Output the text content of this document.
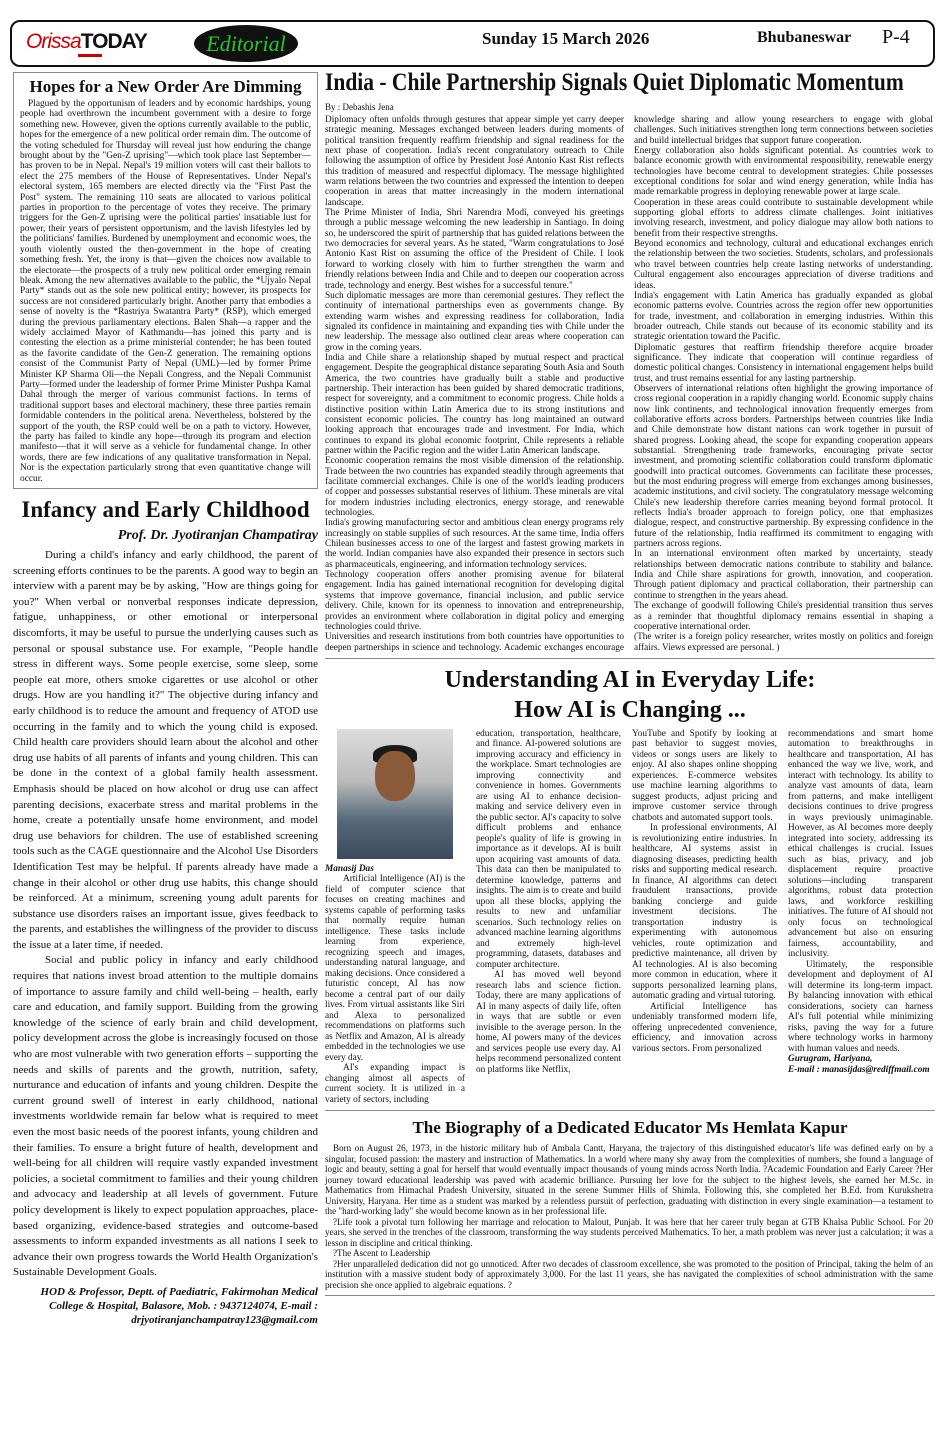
OrissaTODAY	Editorial	Sunday 15 March 2026	Bhubaneswar P-4
Hopes for a New Order Are Dimming

Plagued by the opportunism of leaders and by economic hardships, young people had overthrown the incumbent government with a desire to forge something new. However, given the options currently available to the public, hopes for the emergence of a new political order remain dim. The outcome of the voting scheduled for Thursday will reveal just how enduring the change brought about by the "Gen-Z uprising"—which took place last September—has proven to be in Nepal. Nepal's 19 million voters will cast their ballots to elect the 275 members of the House of Representatives. Under Nepal's electoral system, 165 members are elected directly via the "First Past the Post" system. The remaining 110 seats are allocated to various political parties in proportion to the percentage of votes they receive. The primary triggers for the Gen-Z uprising were the political parties' insatiable lust for power, their years of persistent opportunism, and the lavish lifestyles led by the politicians' families. Burdened by unemployment and economic woes, the youth violently ousted the then-government in the hope of creating something fresh. Yet, the irony is that—given the choices now available to the electorate—the prospects of a truly new political order emerging remain bleak. Among the new alternatives available to the public, the *Ujyalo Nepal Party* stands out as the sole new political entity; however, its prospects for success are not considered particularly bright. Another party that embodies a sense of novelty is the *Rastriya Swatantra Party* (RSP), which emerged during the previous parliamentary elections. Balen Shah—a rapper and the widely acclaimed Mayor of Kathmandu—has joined this party and is contesting the election as a prime ministerial contender; he has been touted as the favorite candidate of the Gen-Z generation. The remaining options consist of the Communist Party of Nepal (UML)—led by former Prime Minister KP Sharma Oli—the Nepali Congress, and the Nepali Communist Party—formed under the leadership of former Prime Minister Pushpa Kamal Dahal through the merger of various communist factions. In terms of traditional support bases and electoral machinery, these three parties remain formidable contenders in the political arena. Nevertheless, bolstered by the support of the youth, the RSP could well be on a path to victory. However, the party has failed to kindle any hope—through its program and election manifesto—that it will serve as a vehicle for fundamental change. In other words, there are few indications of any qualitative transformation in Nepal. Nor is the expectation particularly strong that even quantitative change will occur.

Infancy and Early Childhood
Prof. Dr. Jyotiranjan Champatiray

During a child's infancy and early childhood, the parent of screening efforts continues to be the parents. A good way to begin an interview with a parent may be by asking, "How are things going for you?" When verbal or nonverbal responses indicate depression, fatigue, unhappiness, or other emotional or interpersonal discomforts, it may be useful to pursue the underlying causes such as personal or spousal substance use. For example, "People handle stress in different ways. Some people exercise, some sleep, some people eat more, others smoke cigarettes or use alcohol or other drugs. How are you handling it?" The objective during infancy and early childhood is to reduce the amount and frequency of ATOD use occurring in the family and to which the young child is exposed. Child health care providers should learn about the alcohol and other drug use habits of all parents of infants and young children. This can be done in the context of a global family health assessment. Emphasis should be placed on how alcohol or drug use can affect parenting decisions, exacerbate stress and marital problems in the home, create a potentially unsafe home environment, and model drug use behaviors for children. The use of established screening tools such as the CAGE questionnaire and the Alcohol Use Disorders Identification Test may be helpful. If parents already have made a change in their alcohol or other drug use habits, this change should be reinforced. At a minimum, screening young adult parents for substance use disorders raises an important issue, gives feedback to the parents, and establishes the willingness of the provider to discuss the issue at a later time, if needed.

Social and public policy in infancy and early childhood requires that nations invest broad attention to the multiple domains of importance to assure family and child well-being – health, early care and education, and family support. Building from the growing knowledge of the science of early brain and child development, policy development across the globe is increasingly focused on those who are most vulnerable with two generation efforts – supporting the needs and skills of parents and the growth, nutrition, safety, nurturance and education of infants and young children. Despite the current ground swell of interest in early childhood, national investments worldwide remain far below what is required to meet even the most basic needs of the poorest infants, young children and their families. To ensure a bright future of health, development and well-being for all children will require vastly expanded investment policies, a societal commitment to families and their young children and advocacy and leadership at all levels of government. Future policy development is likely to expect population approaches, place-based organizing, evidence-based strategies and outcome-based assessments to inform expanded investments as all nations I seek to advance their own progress towards the World Health Organization's Sustainable Development Goals.

HOD & Professor, Deptt. of Paediatric, Fakirmohan Medical College & Hospital, Balasore, Mob. : 9437124074, E-mail : drjyotiranjanchampatray123@gmail.com
India - Chile Partnership Signals Quiet Diplomatic Momentum
By : Debashis Jena

Diplomacy often unfolds through gestures that appear simple yet carry deeper strategic meaning. Messages exchanged between leaders during moments of political transition frequently reaffirm friendship and signal readiness for the next phase of cooperation. India's recent congratulatory outreach to Chile following the assumption of office by President José Antonio Kast Rist reflects this tradition of measured and respectful diplomacy. The message highlighted warm relations between the two countries and expressed the intention to deepen cooperation in areas that matter increasingly in the modern international landscape.

The Prime Minister of India, Shri Narendra Modi, conveyed his greetings through a public message welcoming the new leadership in Santiago. In doing so, he underscored the spirit of partnership that has guided relations between the two democracies for several years. As he stated, "Warm congratulations to José Antonio Kast Rist on assuming the office of the President of Chile. I look forward to working closely with him to further strengthen the warm and friendly relations between India and Chile and to deepen our cooperation across trade, technology and energy. Best wishes for a successful tenure."

Such diplomatic messages are more than ceremonial gestures. They reflect the continuity of international partnerships even as governments change. By extending warm wishes and expressing readiness for collaboration, India signaled its confidence in maintaining and expanding ties with Chile under the new leadership. The message also outlined clear areas where cooperation can grow in the coming years.

India and Chile share a relationship shaped by mutual respect and practical engagement. Despite the geographical distance separating South Asia and South America, the two countries have gradually built a stable and productive partnership. Their interaction has been guided by shared democratic traditions, respect for sovereignty, and a commitment to economic progress. Chile holds a distinctive position within Latin America due to its strong institutions and consistent economic policies. The country has long maintained an outward looking approach that encourages trade and investment. For India, which continues to expand its global economic footprint, Chile represents a reliable partner within the Pacific region and the wider Latin American landscape.

Economic cooperation remains the most visible dimension of the relationship. Trade between the two countries has expanded steadily through agreements that facilitate commercial exchanges. Chile is one of the world's leading producers of copper and possesses substantial reserves of lithium. These minerals are vital for modern industries including electronics, energy storage, and renewable technologies.

India's growing manufacturing sector and ambitious clean energy programs rely increasingly on stable supplies of such resources. At the same time, India offers Chilean businesses access to one of the largest and fastest growing markets in the world. Indian companies have also expanded their presence in sectors such as pharmaceuticals, engineering, and information technology services.

Technology cooperation offers another promising avenue for bilateral engagement. India has gained international recognition for developing digital systems that improve governance, financial inclusion, and public service delivery. Chile, known for its openness to innovation and entrepreneurship, provides an environment where collaboration in digital policy and emerging technologies could thrive.

Universities and research institutions from both countries have opportunities to deepen partnerships in science and technology. Academic exchanges encourage knowledge sharing and allow young researchers to engage with global challenges. Such initiatives strengthen long term connections between societies and build intellectual bridges that support future cooperation.

Energy collaboration also holds significant potential. As countries work to balance economic growth with environmental responsibility, renewable energy technologies have become central to development strategies. Chile possesses exceptional conditions for solar and wind energy generation, while India has made remarkable progress in deploying renewable power at large scale.

Cooperation in these areas could contribute to sustainable development while supporting global efforts to address climate challenges. Joint initiatives involving research, investment, and policy dialogue may allow both nations to benefit from their respective strengths.

Beyond economics and technology, cultural and educational exchanges enrich the relationship between the two societies. Students, scholars, and professionals who travel between countries help create lasting networks of understanding. Cultural engagement also encourages appreciation of diverse traditions and ideas.

India's engagement with Latin America has gradually expanded as global economic patterns evolve. Countries across the region offer new opportunities for trade, investment, and collaboration in emerging industries. Within this broader outreach, Chile stands out because of its economic stability and its strategic orientation toward the Pacific.

Diplomatic gestures that reaffirm friendship therefore acquire broader significance. They indicate that cooperation will continue regardless of domestic political changes. Consistency in international engagement helps build trust, and trust remains essential for any lasting partnership.

Observers of international relations often highlight the growing importance of cross regional cooperation in a rapidly changing world. Economic supply chains now link continents, and technological innovation frequently emerges from collaborative efforts across borders. Partnerships between countries like India and Chile demonstrate how distant nations can work together in pursuit of shared progress. Looking ahead, the scope for expanding cooperation appears substantial. Strengthening trade frameworks, encouraging private sector investment, and promoting scientific collaboration could transform diplomatic goodwill into practical outcomes. Governments can facilitate these processes, but the most enduring progress will emerge from exchanges among businesses, academic institutions, and civil society. The congratulatory message welcoming Chile's new leadership therefore carries meaning beyond formal protocol. It reflects India's broader approach to foreign policy, one that emphasizes dialogue, respect, and constructive partnership. By expressing confidence in the future of the relationship, India reaffirmed its commitment to engaging with partners across regions.

In an international environment often marked by uncertainty, steady relationships between democratic nations contribute to stability and balance. India and Chile share aspirations for growth, innovation, and cooperation. Through patient diplomacy and practical collaboration, their partnership can continue to strengthen in the years ahead.

The exchange of goodwill following Chile's presidential transition thus serves as a reminder that thoughtful diplomacy remains essential in shaping a cooperative international order.

(The writer is a foreign policy researcher, writes mostly on politics and foreign affairs. Views expressed are personal. )

Understanding AI in Everyday Life:
How AI is Changing ...

Manasij Das

Artificial Intelligence (AI) is the field of computer science that focuses on creating machines and systems capable of performing tasks that normally require human intelligence. These tasks include learning from experience, recognizing speech and images, understanding natural language, and making decisions. Once considered a futuristic concept, AI has now become a central part of our daily lives. From virtual assistants like Siri and Alexa to personalized recommendations on platforms such as Netflix and Amazon, AI is already embedded in the technologies we use every day.

AI's expanding impact is changing almost all aspects of current society. It is utilized in a variety of sectors, including

education, transportation, healthcare, and finance. AI-powered solutions are improving accuracy and efficiency in the workplace. Smart technologies are improving connectivity and convenience in homes. Governments are using AI to enhance decision-making and service delivery even in the public sector. AI's capacity to solve difficult problems and enhance people's quality of life is growing in importance as it develops. AI is built upon acquiring vast amounts of data. This data can then be manipulated to determine knowledge, patterns and insights. The aim is to create and build upon all these blocks, applying the results to new and unfamiliar scenarios. Such technology relies on advanced machine learning algorithms and extremely high-level programming, datasets, databases and computer architecture.

AI has moved well beyond research labs and science fiction. Today, there are many applications of AI in many aspects of daily life, often in ways that are subtle or even invisible to the average person. In the home, AI powers many of the devices and services people use every day. AI helps recommend personalized content on platforms like Netflix,

YouTube and Spotify by looking at past behavior to suggest movies, videos or songs users are likely to enjoy. AI also shapes online shopping experiences. E-commerce websites use machine learning algorithms to suggest products, adjust pricing and improve customer service through chatbots and automated support tools.

In professional environments, AI is revolutionizing entire industries. In healthcare, AI systems assist in diagnosing diseases, predicting health risks and supporting medical research. In finance, AI algorithms can detect fraudulent transactions, provide banking concierge and guide investment decisions. The transportation industry is experimenting with autonomous vehicles, route optimization and predictive maintenance, all driven by AI technologies. AI is also becoming more common in education, where it supports personalized learning plans, automatic grading and virtual tutoring.

Artificial Intelligence has undeniably transformed modern life, offering unprecedented convenience, efficiency, and innovation across various sectors. From personalized

recommendations and smart home automation to breakthroughs in healthcare and transportation, AI has enhanced the way we live, work, and interact with technology. Its ability to analyze vast amounts of data, learn from patterns, and make intelligent decisions continues to drive progress in ways previously unimaginable. However, as AI becomes more deeply integrated into society, addressing its ethical challenges is crucial. Issues such as bias, privacy, and job displacement require proactive solutions—including transparent algorithms, robust data protection laws, and workforce reskilling initiatives. The future of AI should not only focus on technological advancement but also on ensuring fairness, accountability, and inclusivity.

Ultimately, the responsible development and deployment of AI will determine its long-term impact. By balancing innovation with ethical considerations, society can harness AI's full potential while minimizing risks, paving the way for a future where technology works in harmony with human values and needs.

Gurugram, Hariyana,

E-mail : manasijdas@rediffmail.com

The Biography of a Dedicated Educator Ms Hemlata Kapur

Born on August 26, 1973, in the historic military hub of Ambala Cantt, Haryana, the trajectory of this distinguished educator's life was defined early on by a singular, focused passion: the mastery and instruction of Mathematics. In a world where many shy away from the complexities of numbers, she found a language of logic and beauty, setting a goal for herself that would eventually impact thousands of young minds across North India. ?Academic Foundation and Early Career ?Her journey toward educational leadership was paved with academic brilliance. Pursuing her love for the subject to the highest levels, she earned her M.Sc. in Mathematics from Himachal Pradesh University, situated in the serene Summer Hills of Shimla. Following this, she completed her B.Ed. from Kurukshetra University, Haryana. Her time as a student was marked by a relentless pursuit of perfection, graduating with distinction in every single examination—a testament to the "hard-working lady" she would become known as in her professional life.

?Life took a pivotal turn following her marriage and relocation to Malout, Punjab. It was here that her career truly began at GTB Khalsa Public School. For 20 years, she served in the trenches of the classroom, transforming the way students perceived Mathematics. To her, a math problem was never just a calculation; it was a lesson in discipline and critical thinking.

?The Ascent to Leadership

?Her unparalleled dedication did not go unnoticed. After two decades of classroom excellence, she was promoted to the position of Principal, taking the helm of an institution with a massive student body of approximately 3,000. For the last 11 years, she has navigated the complexities of school administration with the same precision she once applied to algebraic equations. ?
